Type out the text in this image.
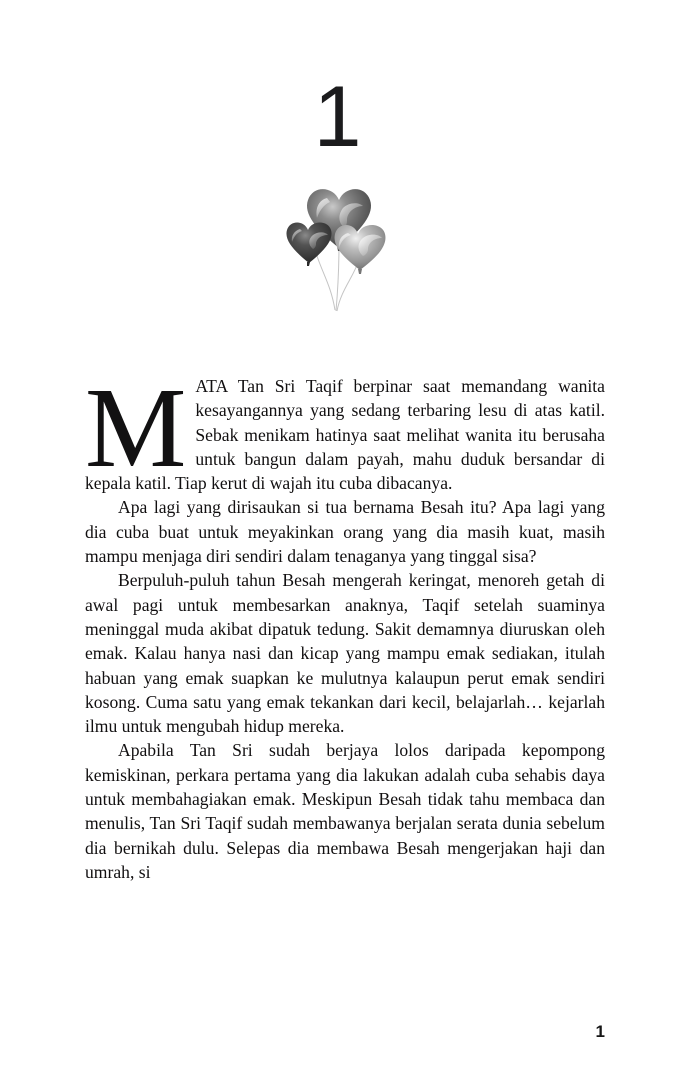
1

MATA Tan Sri Taqif berpinar saat memandang wanita kesayangannya yang sedang terbaring lesu di atas katil. Sebak menikam hatinya saat melihat wanita itu berusaha untuk bangun dalam payah, mahu duduk bersandar di kepala katil. Tiap kerut di wajah itu cuba dibacanya.

Apa lagi yang dirisaukan si tua bernama Besah itu? Apa lagi yang dia cuba buat untuk meyakinkan orang yang dia masih kuat, masih mampu menjaga diri sendiri dalam tenaganya yang tinggal sisa?

Berpuluh-puluh tahun Besah mengerah keringat, menoreh getah di awal pagi untuk membesarkan anaknya, Taqif setelah suaminya meninggal muda akibat dipatuk tedung. Sakit demamnya diuruskan oleh emak. Kalau hanya nasi dan kicap yang mampu emak sediakan, itulah habuan yang emak suapkan ke mulutnya kalaupun perut emak sendiri kosong. Cuma satu yang emak tekankan dari kecil, belajarlah… kejarlah ilmu untuk mengubah hidup mereka.

Apabila Tan Sri sudah berjaya lolos daripada kepompong kemiskinan, perkara pertama yang dia lakukan adalah cuba sehabis daya untuk membahagiakan emak. Meskipun Besah tidak tahu membaca dan menulis, Tan Sri Taqif sudah membawanya berjalan serata dunia sebelum dia bernikah dulu. Selepas dia membawa Besah mengerjakan haji dan umrah, si

1
